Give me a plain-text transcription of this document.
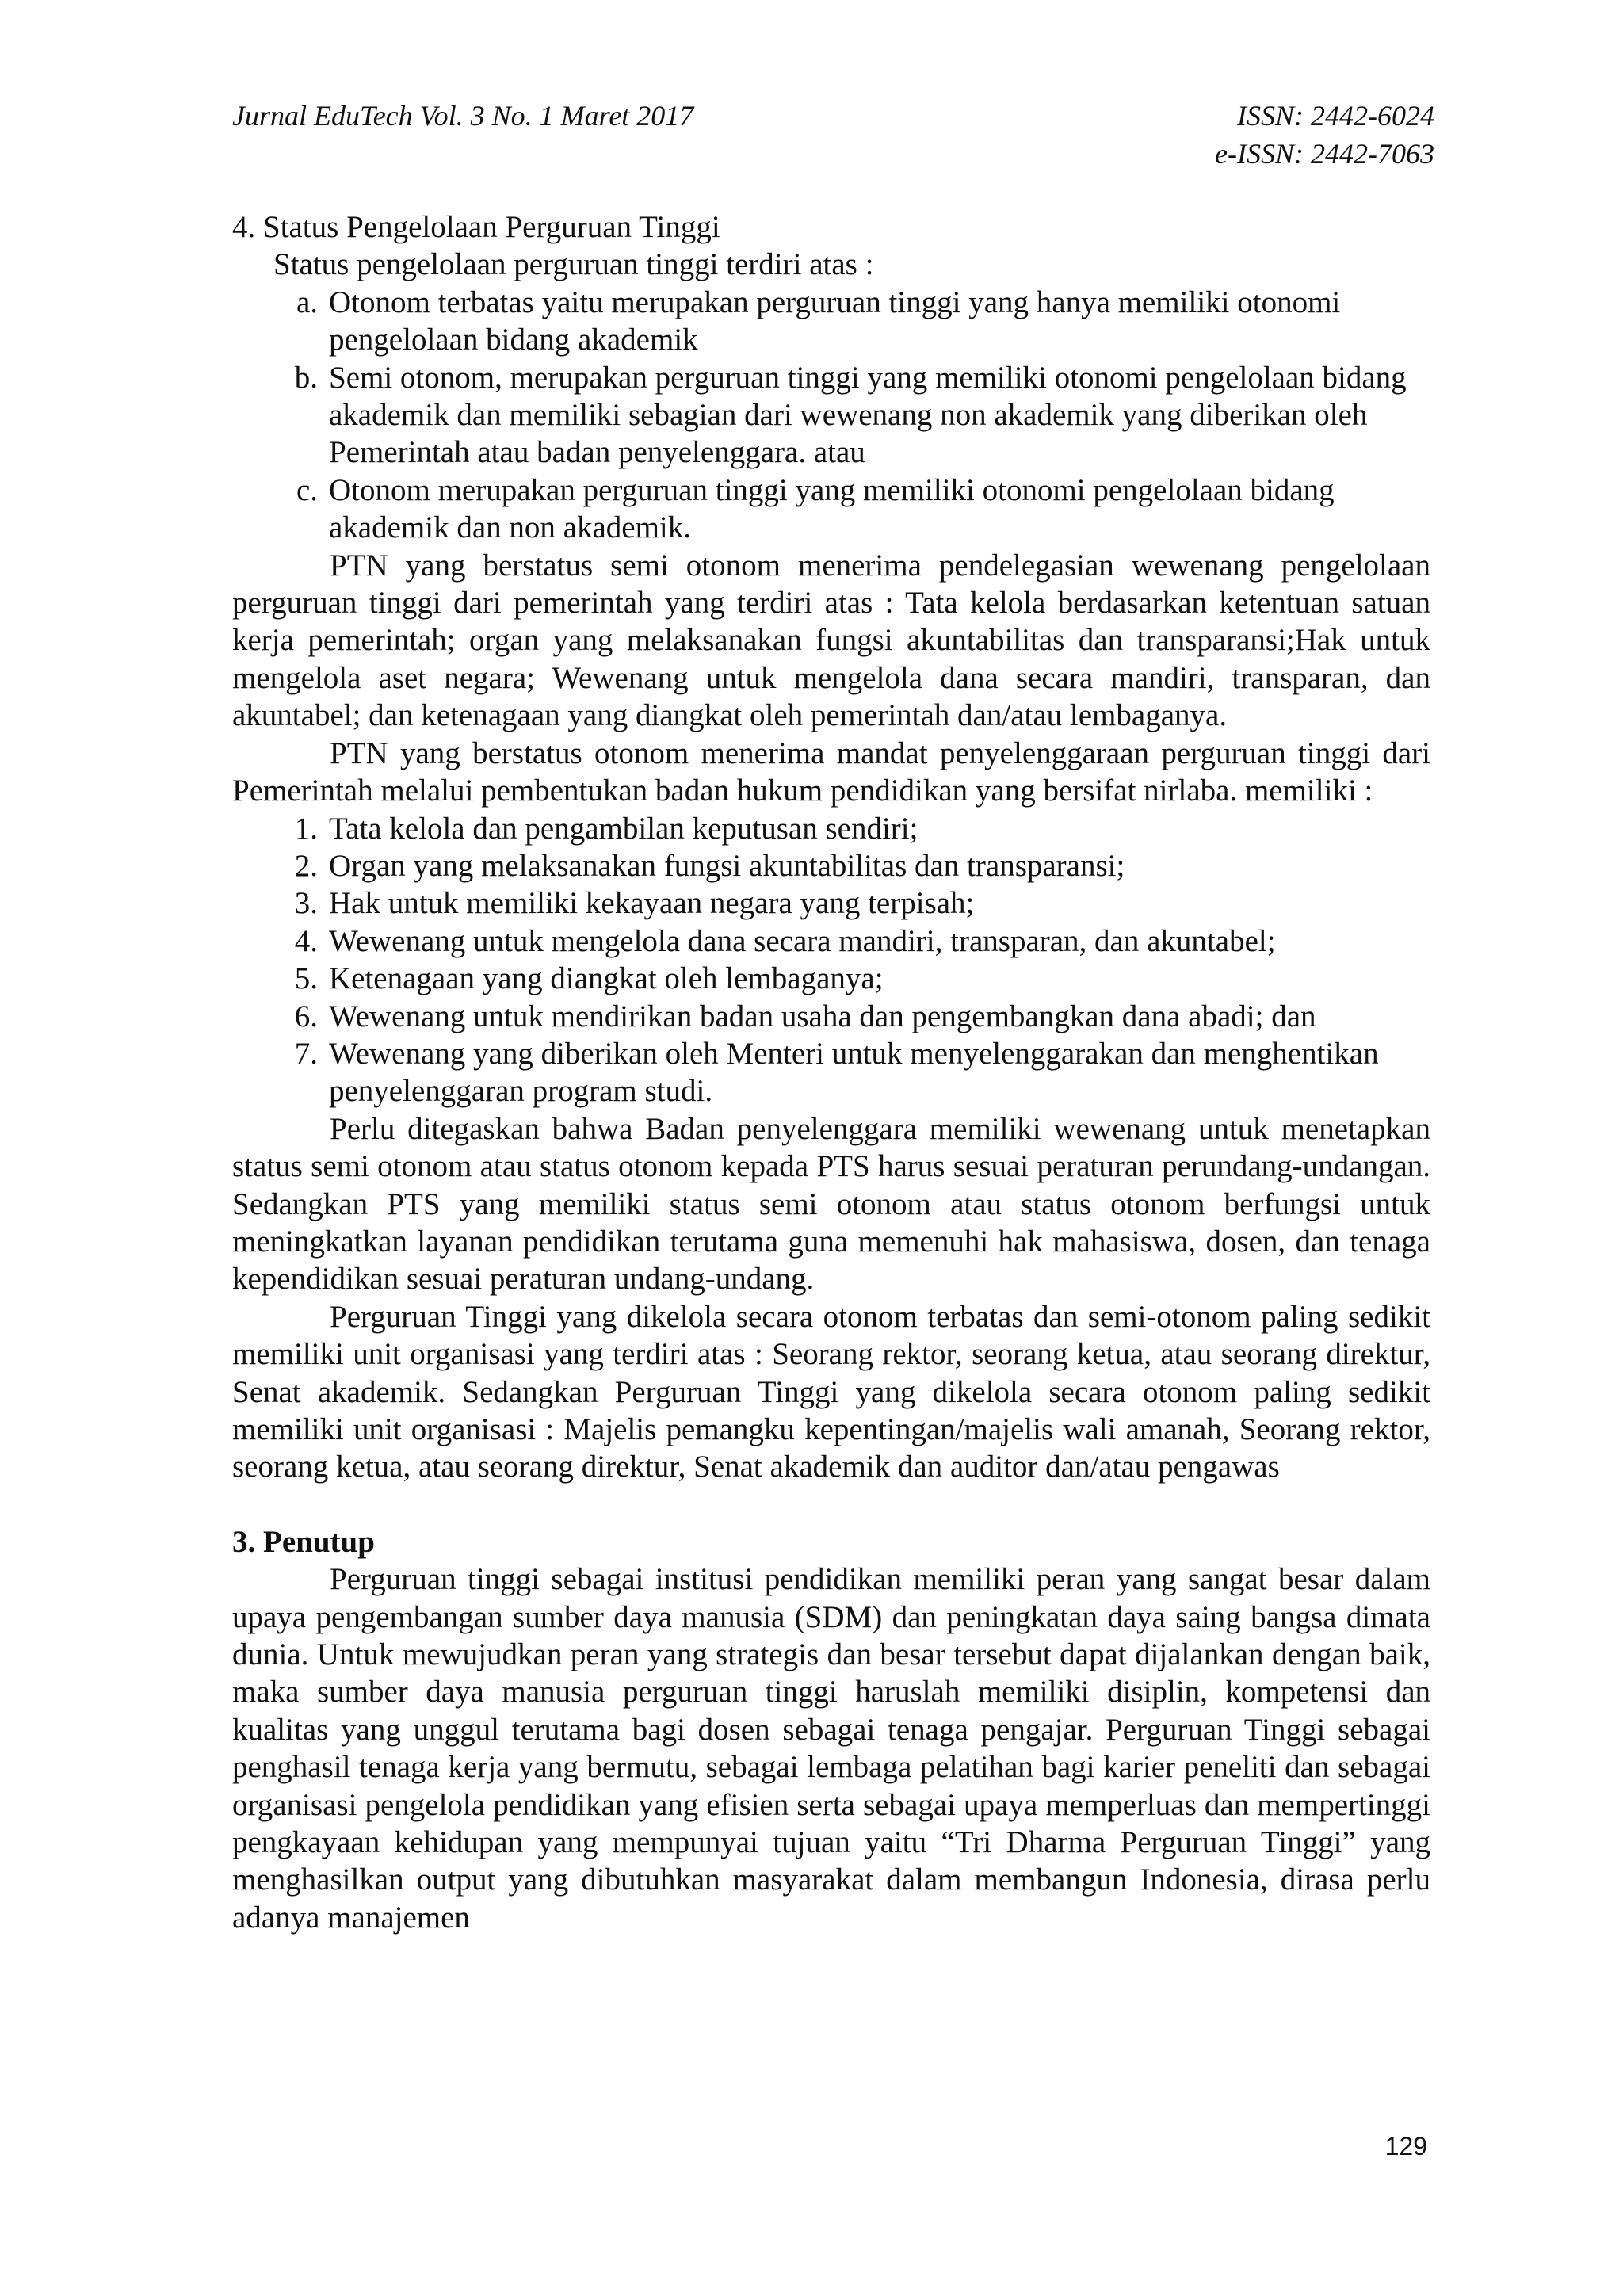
Jurnal EduTech Vol. 3 No. 1 Maret 2017	ISSN: 2442-6024
e-ISSN: 2442-7063

4. Status Pengelolaan Perguruan Tinggi

Status pengelolaan perguruan tinggi terdiri atas :

a. Otonom terbatas yaitu merupakan perguruan tinggi yang hanya memiliki otonomi pengelolaan bidang akademik
b. Semi otonom, merupakan perguruan tinggi yang memiliki otonomi pengelolaan bidang akademik dan memiliki sebagian dari wewenang non akademik yang diberikan oleh Pemerintah atau badan penyelenggara. atau
c. Otonom merupakan perguruan tinggi yang memiliki otonomi pengelolaan bidang akademik dan non akademik.

PTN yang berstatus semi otonom menerima pendelegasian wewenang pengelolaan perguruan tinggi dari pemerintah yang terdiri atas : Tata kelola berdasarkan ketentuan satuan kerja pemerintah; organ yang melaksanakan fungsi akuntabilitas dan transparansi;Hak untuk mengelola aset negara; Wewenang untuk mengelola dana secara mandiri, transparan, dan akuntabel; dan ketenagaan yang diangkat oleh pemerintah dan/atau lembaganya.

PTN yang berstatus otonom menerima mandat penyelenggaraan perguruan tinggi dari Pemerintah melalui pembentukan badan hukum pendidikan yang bersifat nirlaba. memiliki :

1. Tata kelola dan pengambilan keputusan sendiri;
2. Organ yang melaksanakan fungsi akuntabilitas dan transparansi;
3. Hak untuk memiliki kekayaan negara yang terpisah;
4. Wewenang untuk mengelola dana secara mandiri, transparan, dan akuntabel;
5. Ketenagaan yang diangkat oleh lembaganya;
6. Wewenang untuk mendirikan badan usaha dan pengembangkan dana abadi; dan
7. Wewenang yang diberikan oleh Menteri untuk menyelenggarakan dan menghentikan penyelenggaran program studi.

Perlu ditegaskan bahwa Badan penyelenggara memiliki wewenang untuk menetapkan status semi otonom atau status otonom kepada PTS harus sesuai peraturan perundang-undangan. Sedangkan PTS yang memiliki status semi otonom atau status otonom berfungsi untuk meningkatkan layanan pendidikan terutama guna memenuhi hak mahasiswa, dosen, dan tenaga kependidikan sesuai peraturan undang-undang.

Perguruan Tinggi yang dikelola secara otonom terbatas dan semi-otonom paling sedikit memiliki unit organisasi yang terdiri atas : Seorang rektor, seorang ketua, atau seorang direktur, Senat akademik. Sedangkan Perguruan Tinggi yang dikelola secara otonom paling sedikit memiliki unit organisasi : Majelis pemangku kepentingan/majelis wali amanah, Seorang rektor, seorang ketua, atau seorang direktur, Senat akademik dan auditor dan/atau pengawas

3. Penutup

Perguruan tinggi sebagai institusi pendidikan memiliki peran yang sangat besar dalam upaya pengembangan sumber daya manusia (SDM) dan peningkatan daya saing bangsa dimata dunia. Untuk mewujudkan peran yang strategis dan besar tersebut dapat dijalankan dengan baik, maka sumber daya manusia perguruan tinggi haruslah memiliki disiplin, kompetensi dan kualitas yang unggul terutama bagi dosen sebagai tenaga pengajar. Perguruan Tinggi sebagai penghasil tenaga kerja yang bermutu, sebagai lembaga pelatihan bagi karier peneliti dan sebagai organisasi pengelola pendidikan yang efisien serta sebagai upaya memperluas dan mempertinggi pengkayaan kehidupan yang mempunyai tujuan yaitu “Tri Dharma Perguruan Tinggi” yang menghasilkan output yang dibutuhkan masyarakat dalam membangun Indonesia, dirasa perlu adanya manajemen

129
